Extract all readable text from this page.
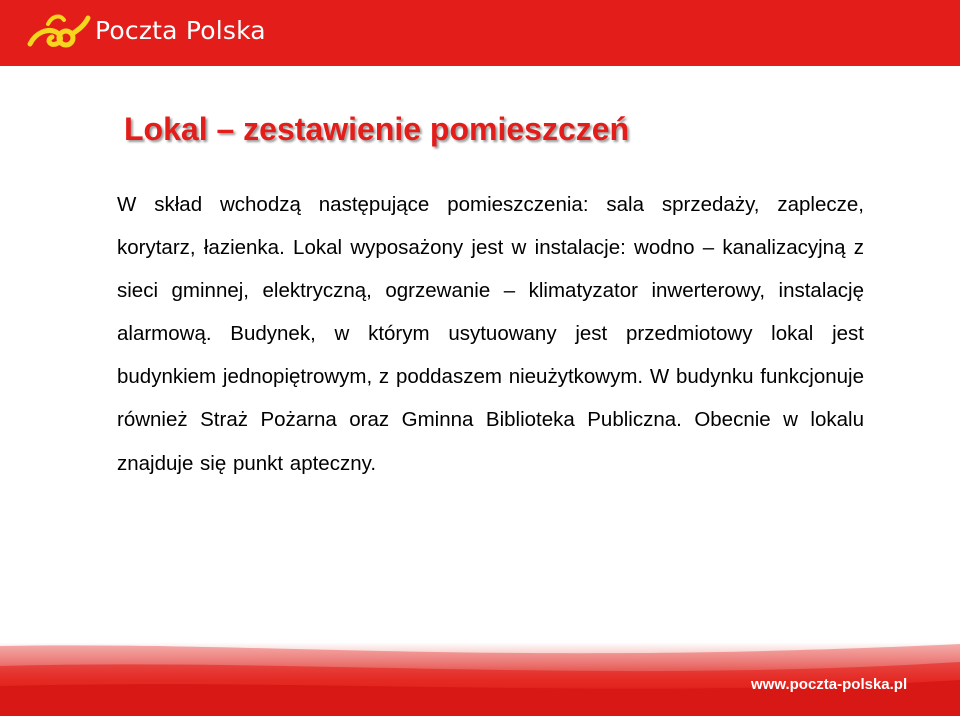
Poczta Polska
Lokal – zestawienie pomieszczeń

W skład wchodzą następujące pomieszczenia: sala sprzedaży, zaplecze, korytarz, łazienka. Lokal wyposażony jest w instalacje: wodno – kanalizacyjną z sieci gminnej, elektryczną, ogrzewanie – klimatyzator inwerterowy, instalację alarmową. Budynek, w którym usytuowany jest przedmiotowy lokal jest budynkiem jednopiętrowym, z poddaszem nieużytkowym. W budynku funkcjonuje również Straż Pożarna oraz Gminna Biblioteka Publiczna. Obecnie w lokalu znajduje się punkt apteczny.

www.poczta-polska.pl
